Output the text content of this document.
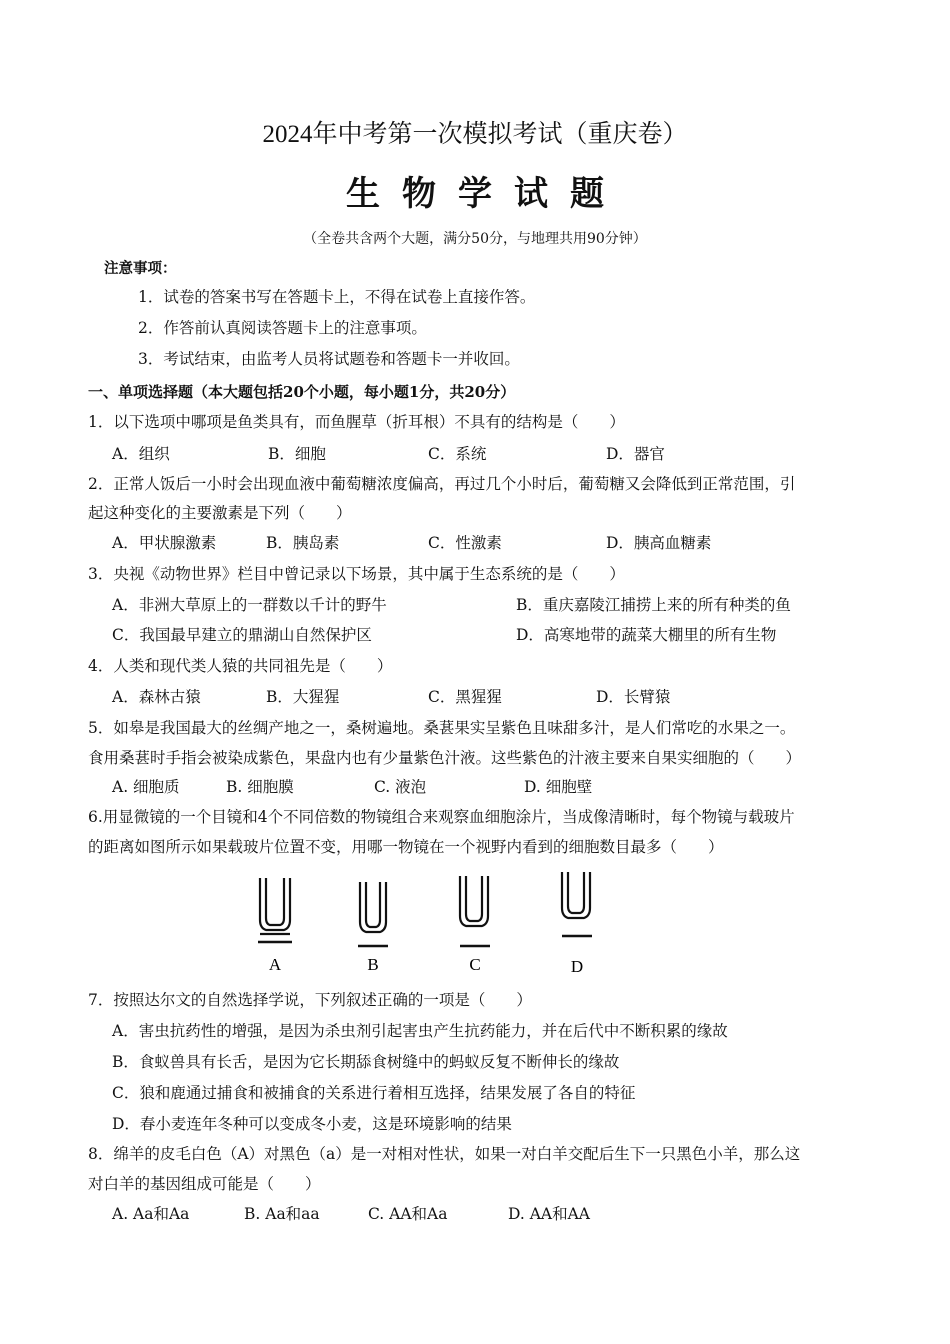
2024年中考第一次模拟考试（重庆卷）
生物学试题
（全卷共含两个大题，满分50分，与地理共用90分钟）
注意事项：
1．试卷的答案书写在答题卡上，不得在试卷上直接作答。
2．作答前认真阅读答题卡上的注意事项。
3．考试结束，由监考人员将试题卷和答题卡一并收回。
一、单项选择题（本大题包括20个小题，每小题1分，共20分）
1．以下选项中哪项是鱼类具有，而鱼腥草（折耳根）不具有的结构是（　　）
A．组织	B．细胞	C．系统	D．器官
2．正常人饭后一小时会出现血液中葡萄糖浓度偏高，再过几个小时后，葡萄糖又会降低到正常范围，引
起这种变化的主要激素是下列（　　）
A．甲状腺激素	B．胰岛素	C．性激素	D．胰高血糖素
3．央视《动物世界》栏目中曾记录以下场景，其中属于生态系统的是（　　）
A．非洲大草原上的一群数以千计的野牛	B．重庆嘉陵江捕捞上来的所有种类的鱼
C．我国最早建立的鼎湖山自然保护区	D．高寒地带的蔬菜大棚里的所有生物
4．人类和现代类人猿的共同祖先是（　　）
A．森林古猿	B．大猩猩	C．黑猩猩	D．长臂猿
5．如皋是我国最大的丝绸产地之一，桑树遍地。桑葚果实呈紫色且味甜多汁，是人们常吃的水果之一。
食用桑葚时手指会被染成紫色，果盘内也有少量紫色汁液。这些紫色的汁液主要来自果实细胞的（　　）
A. 细胞质	B. 细胞膜	C. 液泡	D. 细胞壁
6.用显微镜的一个目镜和4个不同倍数的物镜组合来观察血细胞涂片，当成像清晰时，每个物镜与载玻片
的距离如图所示如果载玻片位置不变，用哪一物镜在一个视野内看到的细胞数目最多（　　）
A	B	C	D
7．按照达尔文的自然选择学说，下列叙述正确的一项是（　　）
A．害虫抗药性的增强，是因为杀虫剂引起害虫产生抗药能力，并在后代中不断积累的缘故
B．食蚁兽具有长舌，是因为它长期舔食树缝中的蚂蚁反复不断伸长的缘故
C．狼和鹿通过捕食和被捕食的关系进行着相互选择，结果发展了各自的特征
D．春小麦连年冬种可以变成冬小麦，这是环境影响的结果
8．绵羊的皮毛白色（A）对黑色（a）是一对相对性状，如果一对白羊交配后生下一只黑色小羊，那么这
对白羊的基因组成可能是（　　）
A. Aa和Aa	B. Aa和aa	C. AA和Aa	D. AA和AA
